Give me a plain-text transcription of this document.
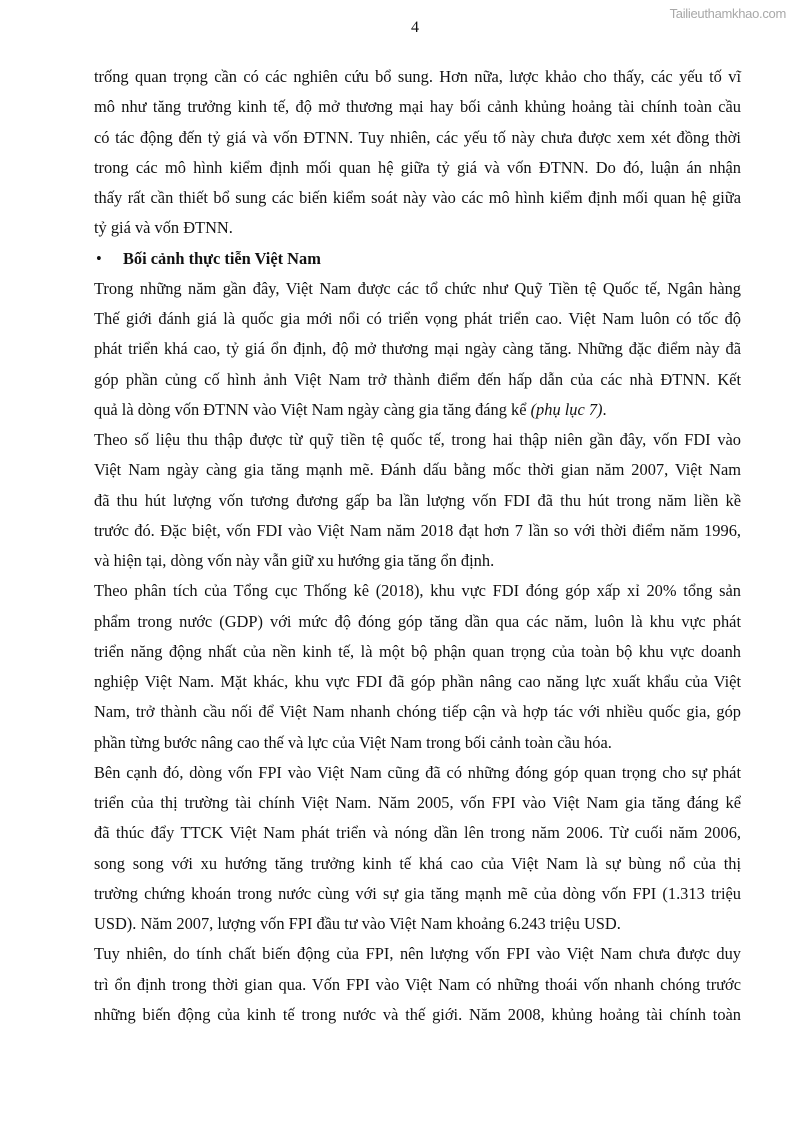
Tailieuthamkhao.com
4
trống quan trọng cần có các nghiên cứu bổ sung. Hơn nữa, lược khảo cho thấy, các yếu tố vĩ
mô như tăng trưởng kinh tế, độ mở thương mại hay bối cảnh khủng hoảng tài chính toàn cầu
có tác động đến tỷ giá và vốn ĐTNN. Tuy nhiên, các yếu tố này chưa được xem xét đồng thời
trong các mô hình kiểm định mối quan hệ giữa tỷ giá và vốn ĐTNN. Do đó, luận án nhận
thấy rất cần thiết bổ sung các biến kiểm soát này vào các mô hình kiểm định mối quan hệ giữa
tỷ giá và vốn ĐTNN.
• Bối cảnh thực tiễn Việt Nam
Trong những năm gần đây, Việt Nam được các tổ chức như Quỹ Tiền tệ Quốc tế, Ngân hàng
Thế giới đánh giá là quốc gia mới nổi có triển vọng phát triển cao. Việt Nam luôn có tốc độ
phát triển khá cao, tỷ giá ổn định, độ mở thương mại ngày càng tăng. Những đặc điểm này đã
góp phần củng cố hình ảnh Việt Nam trở thành điểm đến hấp dẫn của các nhà ĐTNN. Kết
quả là dòng vốn ĐTNN vào Việt Nam ngày càng gia tăng đáng kể (phụ lục 7).
Theo số liệu thu thập được từ quỹ tiền tệ quốc tế, trong hai thập niên gần đây, vốn FDI vào
Việt Nam ngày càng gia tăng mạnh mẽ. Đánh dấu bằng mốc thời gian năm 2007, Việt Nam
đã thu hút lượng vốn tương đương gấp ba lần lượng vốn FDI đã thu hút trong năm liền kề
trước đó. Đặc biệt, vốn FDI vào Việt Nam năm 2018 đạt hơn 7 lần so với thời điểm năm 1996,
và hiện tại, dòng vốn này vẫn giữ xu hướng gia tăng ổn định.
Theo phân tích của Tổng cục Thống kê (2018), khu vực FDI đóng góp xấp xỉ 20% tổng sản
phẩm trong nước (GDP) với mức độ đóng góp tăng dần qua các năm, luôn là khu vực phát
triển năng động nhất của nền kinh tế, là một bộ phận quan trọng của toàn bộ khu vực doanh
nghiệp Việt Nam. Mặt khác, khu vực FDI đã góp phần nâng cao năng lực xuất khẩu của Việt
Nam, trở thành cầu nối để Việt Nam nhanh chóng tiếp cận và hợp tác với nhiều quốc gia, góp
phần từng bước nâng cao thế và lực của Việt Nam trong bối cảnh toàn cầu hóa.
Bên cạnh đó, dòng vốn FPI vào Việt Nam cũng đã có những đóng góp quan trọng cho sự phát
triển của thị trường tài chính Việt Nam. Năm 2005, vốn FPI vào Việt Nam gia tăng đáng kể
đã thúc đẩy TTCK Việt Nam phát triển và nóng dần lên trong năm 2006. Từ cuối năm 2006,
song song với xu hướng tăng trưởng kinh tế khá cao của Việt Nam là sự bùng nổ của thị
trường chứng khoán trong nước cùng với sự gia tăng mạnh mẽ của dòng vốn FPI (1.313 triệu
USD). Năm 2007, lượng vốn FPI đầu tư vào Việt Nam khoảng 6.243 triệu USD.
Tuy nhiên, do tính chất biến động của FPI, nên lượng vốn FPI vào Việt Nam chưa được duy
trì ổn định trong thời gian qua. Vốn FPI vào Việt Nam có những thoái vốn nhanh chóng trước
những biến động của kinh tế trong nước và thế giới. Năm 2008, khủng hoảng tài chính toàn
